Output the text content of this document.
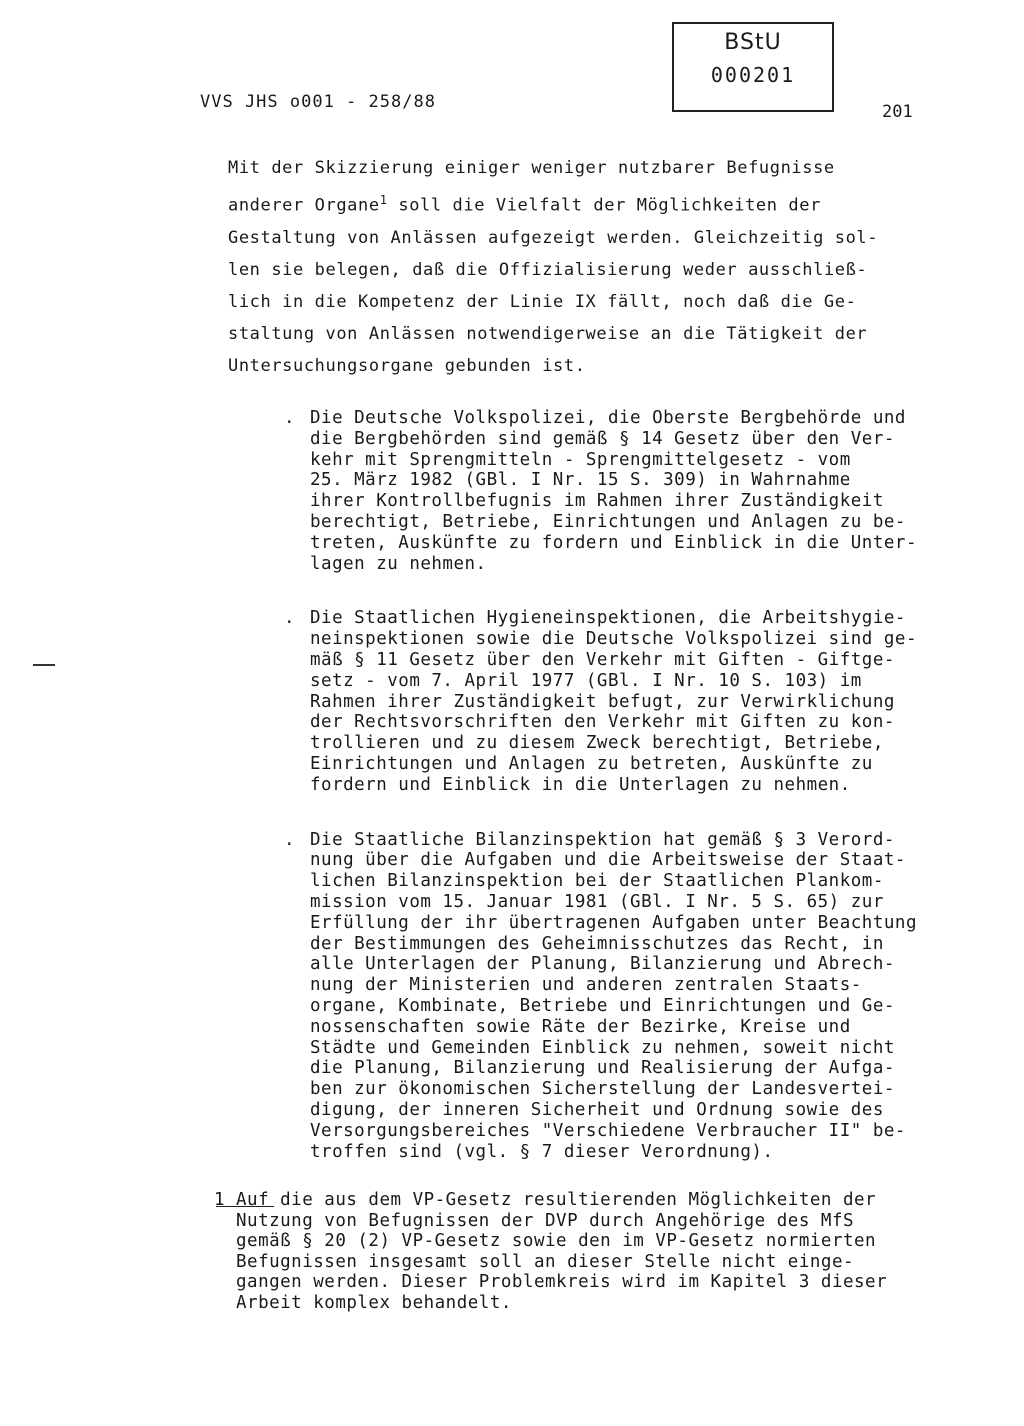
VVS JHS o001 - 258/88
BStU
000201
201
Mit der Skizzierung einiger weniger nutzbarer Befugnisse
anderer Organe$^1$ soll die Vielfalt der Möglichkeiten der
Gestaltung von Anlässen aufgezeigt werden. Gleichzeitig sol-
len sie belegen, daß die Offizialisierung weder ausschließ-
lich in die Kompetenz der Linie IX fällt, noch daß die Ge-
staltung von Anlässen notwendigerweise an die Tätigkeit der
Untersuchungsorgane gebunden ist.
. Die Deutsche Volkspolizei, die Oberste Bergbehörde und
die Bergbehörden sind gemäß § 14 Gesetz über den Ver-
kehr mit Sprengmitteln - Sprengmittelgesetz - vom
25. März 1982 (GBl. I Nr. 15 S. 309) in Wahrnahme
ihrer Kontrollbefugnis im Rahmen ihrer Zuständigkeit
berechtigt, Betriebe, Einrichtungen und Anlagen zu be-
treten, Auskünfte zu fordern und Einblick in die Unter-
lagen zu nehmen.
. Die Staatlichen Hygieneinspektionen, die Arbeitshygie-
neinspektionen sowie die Deutsche Volkspolizei sind ge-
mäß § 11 Gesetz über den Verkehr mit Giften - Giftge-
setz - vom 7. April 1977 (GBl. I Nr. 10 S. 103) im
Rahmen ihrer Zuständigkeit befugt, zur Verwirklichung
der Rechtsvorschriften den Verkehr mit Giften zu kon-
trollieren und zu diesem Zweck berechtigt, Betriebe,
Einrichtungen und Anlagen zu betreten, Auskünfte zu
fordern und Einblick in die Unterlagen zu nehmen.
. Die Staatliche Bilanzinspektion hat gemäß § 3 Verord-
nung über die Aufgaben und die Arbeitsweise der Staat-
lichen Bilanzinspektion bei der Staatlichen Plankom-
mission vom 15. Januar 1981 (GBl. I Nr. 5 S. 65) zur
Erfüllung der ihr übertragenen Aufgaben unter Beachtung
der Bestimmungen des Geheimnisschutzes das Recht, in
alle Unterlagen der Planung, Bilanzierung und Abrech-
nung der Ministerien und anderen zentralen Staats-
organe, Kombinate, Betriebe und Einrichtungen und Ge-
nossenschaften sowie Räte der Bezirke, Kreise und
Städte und Gemeinden Einblick zu nehmen, soweit nicht
die Planung, Bilanzierung und Realisierung der Aufga-
ben zur ökonomischen Sicherstellung der Landesvertei-
digung, der inneren Sicherheit und Ordnung sowie des
Versorgungsbereiches "Verschiedene Verbraucher II" be-
troffen sind (vgl. § 7 dieser Verordnung).
1 Auf die aus dem VP-Gesetz resultierenden Möglichkeiten der
Nutzung von Befugnissen der DVP durch Angehörige des MfS
gemäß § 20 (2) VP-Gesetz sowie den im VP-Gesetz normierten
Befugnissen insgesamt soll an dieser Stelle nicht einge-
gangen werden. Dieser Problemkreis wird im Kapitel 3 dieser
Arbeit komplex behandelt.
